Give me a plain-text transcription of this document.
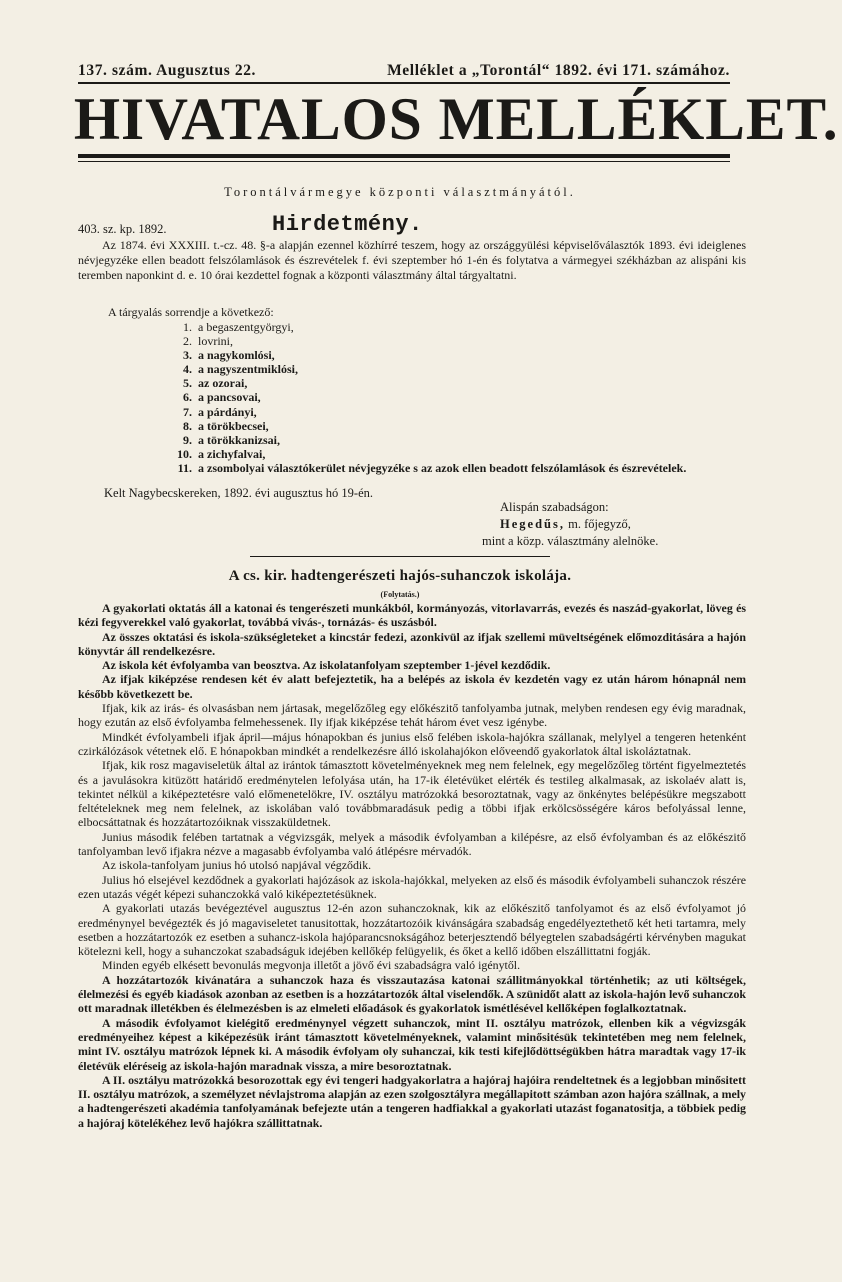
137. szám. Augusztus 22.	Melléklet a „Torontál“ 1892. évi 171. számához.
HIVATALOS MELLÉKLET.
Torontálvármegye központi választmányától.
403. sz. kp. 1892.	Hirdetmény.

Az 1874. évi XXXIII. t.-cz. 48. §-a alapján ezennel közhírré teszem, hogy az országgyülési képviselőválasztók 1893. évi ideiglenes névjegyzéke ellen beadott felszólamlások és észrevételek f. évi szeptember hó 1-én és folytatva a vármegyei székházban az alispáni kis teremben naponkint d. e. 10 órai kezdettel fognak a központi választmány által tárgyaltatni.

A tárgyalás sorrendje a következő:
1. a begaszentgyörgyi,
2. lovrini,
3. a nagykomlósi,
4. a nagyszentmiklósi,
5. az ozorai,
6. a pancsovai,
7. a párdányi,
8. a törökbecsei,
9. a törökkanizsai,
10. a zichyfalvai,
11. a zsombolyai választókerület névjegyzéke s az azok ellen beadott felszólamlások és észrevételek.
Kelt Nagybecskereken, 1892. évi augusztus hó 19-én.
Alispán szabadságon:
Hegedűs, m. főjegyző,
mint a közp. választmány alelnöke.
A cs. kir. hadtengerészeti hajós-suhanczok iskolája.
(Folytatás.)

A gyakorlati oktatás áll a katonai és tengerészeti munkákból, kormányozás, vitorlavarrás, evezés és naszád-gyakorlat, löveg és kézi fegyverekkel való gyakorlat, továbbá vivás-, tornázás- és uszásból.

Az összes oktatási és iskola-szükségleteket a kincstár fedezi, azonkivül az ifjak szellemi müveltségének előmozditására a hajón könyvtár áll rendelkezésre.

Az iskola két évfolyamba van beosztva. Az iskolatanfolyam szeptember 1-jével kezdődik.

Az ifjak kiképzése rendesen két év alatt befejeztetik, ha a belépés az iskola év kezdetén vagy ez után három hónapnál nem később következett be.

Ifjak, kik az irás- és olvasásban nem jártasak, megelőzőleg egy előkészitő tanfolyamba jutnak, melyben rendesen egy évig maradnak, hogy ezután az első évfolyamba felmehessenek. Ily ifjak kiképzése tehát három évet vesz igénybe.

Mindkét évfolyambeli ifjak ápril—május hónapokban és junius első felében iskola-hajókra szállanak, melylyel a tengeren hetenként czirkálózások vétetnek elő. E hónapokban mindkét a rendelkezésre álló iskolahajókon előveendő gyakorlatok által iskoláztatnak.

Ifjak, kik rosz magaviseletük által az irántok támasztott követelményeknek meg nem felelnek, egy megelőzőleg történt figyelmeztetés és a javulásokra kitüzött határidő eredménytelen lefolyása után, ha 17-ik életévüket elérték és testileg alkalmasak, az iskolaév alatt is, tekintet nélkül a kiképeztetésre való előmenetelökre, IV. osztályu matrózokká besoroztatnak, vagy az önkénytes belépésükre megszabott feltételeknek meg nem felelnek, az iskolában való továbbmaradásuk pedig a többi ifjak erkölcsösségére káros befolyással lenne, elbocsáttatnak és hozzátartozóiknak visszaküldetnek.

Junius második felében tartatnak a végvizsgák, melyek a második évfolyamban a kilépésre, az első évfolyamban és az előkészitő tanfolyamban levő ifjakra nézve a magasabb évfolyamba való átlépésre mérvadók.

Az iskola-tanfolyam junius hó utolsó napjával végződik.

Julius hó elsejével kezdődnek a gyakorlati hajózások az iskola-hajókkal, melyeken az első és második évfolyambeli suhanczok részére ezen utazás végét képezi suhanczokká való kiképeztetésüknek.

A gyakorlati utazás bevégeztével augusztus 12-én azon suhanczoknak, kik az előkészitő tanfolyamot és az első évfolyamot jó eredménynyel bevégezték és jó magaviseletet tanusitottak, hozzátartozóik kivánságára szabadság engedélyeztethető két heti tartamra, mely esetben a hozzátartozók ez esetben a suhancz-iskola hajóparancsnokságához beterjesztendő bélyegtelen szabadságérti kérvényben magukat kötelezni kell, hogy a suhanczokat szabadságuk idejében kellőkép felügyelik, és őket a kellő időben elszállittatni fogják.

Minden egyéb elkésett bevonulás megvonja illetőt a jövő évi szabadságra való igénytől.

A hozzátartozók kivánatára a suhanczok haza és visszautazása katonai szállitmányokkal történhetik; az uti költségek, élelmezési és egyéb kiadások azonban az esetben is a hozzátartozók által viselendők. A szünidőt alatt az iskola-hajón levő suhanczok ott maradnak illetékben és élelmezésben is az elmeleti előadások és gyakorlatok ismétlésével kellőképen foglalkoztatnak.

A második évfolyamot kielégitő eredménynyel végzett suhanczok, mint II. osztályu matrózok, ellenben kik a végvizsgák eredményeihez képest a kiképezésük iránt támasztott követelményeknek, valamint minősitésük tekintetében meg nem felelnek, mint IV. osztályu matrózok lépnek ki. A második évfolyam oly suhanczai, kik testi kifejlődöttségükben hátra maradtak vagy 17-ik életévük eléréseig az iskola-hajón maradnak vissza, a mire besoroztatnak.

A II. osztályu matrózokká besorozottak egy évi tengeri hadgyakorlatra a hajóraj hajóira rendeltetnek és a legjobban minősitett II. osztályu matrózok, a személyzet névlajstroma alapján az ezen szolgosztályra megállapitott számban azon hajóra szállnak, a mely a hadtengerészeti akadémia tanfolyamának befejezte után a tengeren hadfiakkal a gyakorlati utazást foganatositja, a többiek pedig a hajóraj kötelékéhez levő hajókra szállittatnak.
